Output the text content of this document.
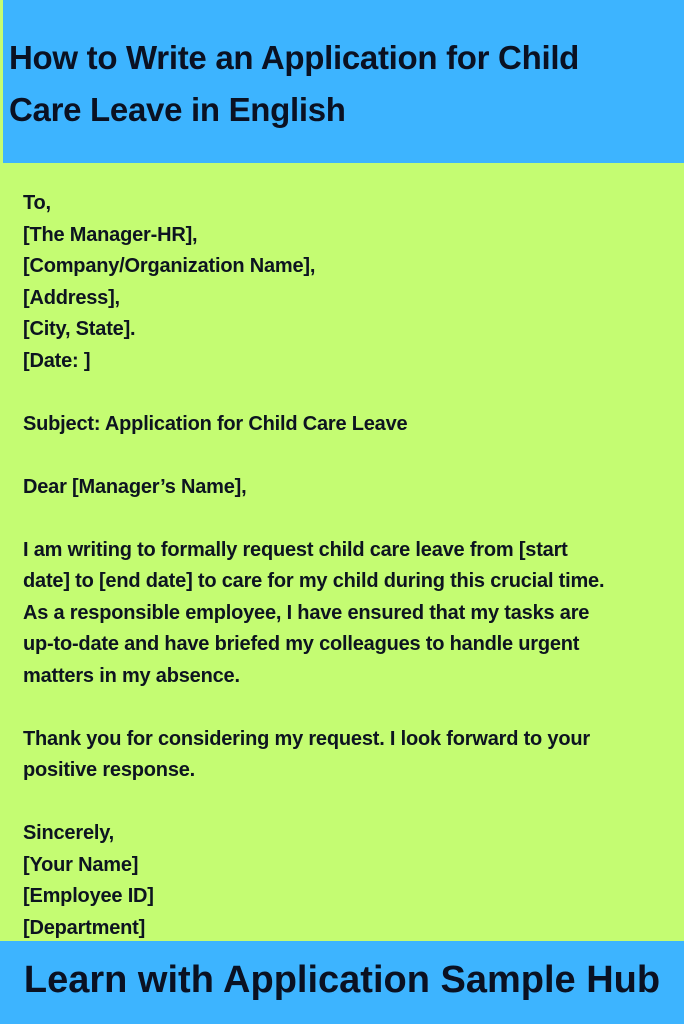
How to Write an Application for Child
Care Leave in English
To,
[The Manager-HR],
[Company/Organization Name],
[Address],
[City, State].
[Date: ]
Subject: Application for Child Care Leave
Dear [Manager’s Name],
I am writing to formally request child care leave from [start
date] to [end date] to care for my child during this crucial time.
As a responsible employee, I have ensured that my tasks are
up-to-date and have briefed my colleagues to handle urgent
matters in my absence.
Thank you for considering my request. I look forward to your
positive response.
Sincerely,
[Your Name]
[Employee ID]
[Department]
Learn with Application Sample Hub
